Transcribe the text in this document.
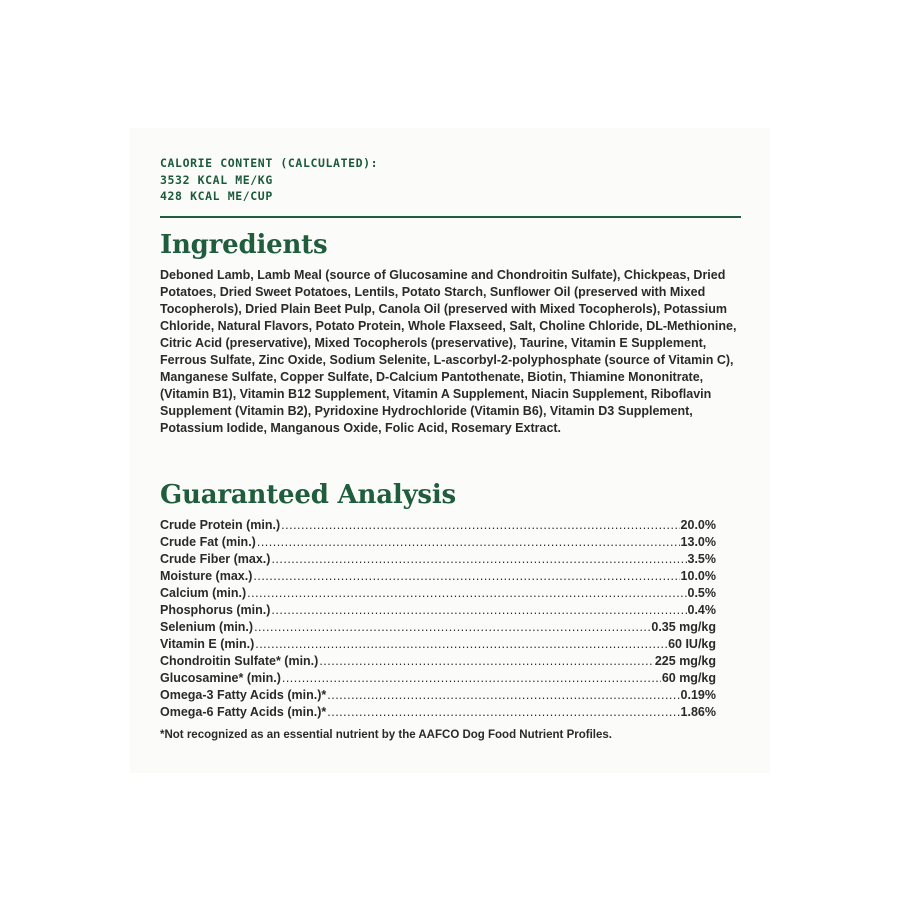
CALORIE CONTENT (CALCULATED):
3532 KCAL ME/KG
428 KCAL ME/CUP
Ingredients
Deboned Lamb, Lamb Meal (source of Glucosamine and Chondroitin Sulfate), Chickpeas, Dried Potatoes, Dried Sweet Potatoes, Lentils, Potato Starch, Sunflower Oil (preserved with Mixed Tocopherols), Dried Plain Beet Pulp, Canola Oil (preserved with Mixed Tocopherols), Potassium Chloride, Natural Flavors, Potato Protein, Whole Flaxseed, Salt, Choline Chloride, DL-Methionine, Citric Acid (preservative), Mixed Tocopherols (preservative), Taurine, Vitamin E Supplement, Ferrous Sulfate, Zinc Oxide, Sodium Selenite, L-ascorbyl-2-polyphosphate (source of Vitamin C), Manganese Sulfate, Copper Sulfate, D-Calcium Pantothenate, Biotin, Thiamine Mononitrate, (Vitamin B1), Vitamin B12 Supplement, Vitamin A Supplement, Niacin Supplement, Riboflavin Supplement (Vitamin B2), Pyridoxine Hydrochloride (Vitamin B6), Vitamin D3 Supplement, Potassium Iodide, Manganous Oxide, Folic Acid, Rosemary Extract.
Guaranteed Analysis
Crude Protein (min.) .....	20.0%
Crude Fat (min.) .....	13.0%
Crude Fiber (max.) .....	3.5%
Moisture (max.) .....	10.0%
Calcium (min.) .....	0.5%
Phosphorus (min.) .....	0.4%
Selenium (min.) .....	0.35 mg/kg
Vitamin E (min.) .....	60 IU/kg
Chondroitin Sulfate* (min.) .....	225 mg/kg
Glucosamine* (min.) .....	60 mg/kg
Omega-3 Fatty Acids (min.)* .....	0.19%
Omega-6 Fatty Acids (min.)* .....	1.86%
*Not recognized as an essential nutrient by the AAFCO Dog Food Nutrient Profiles.
